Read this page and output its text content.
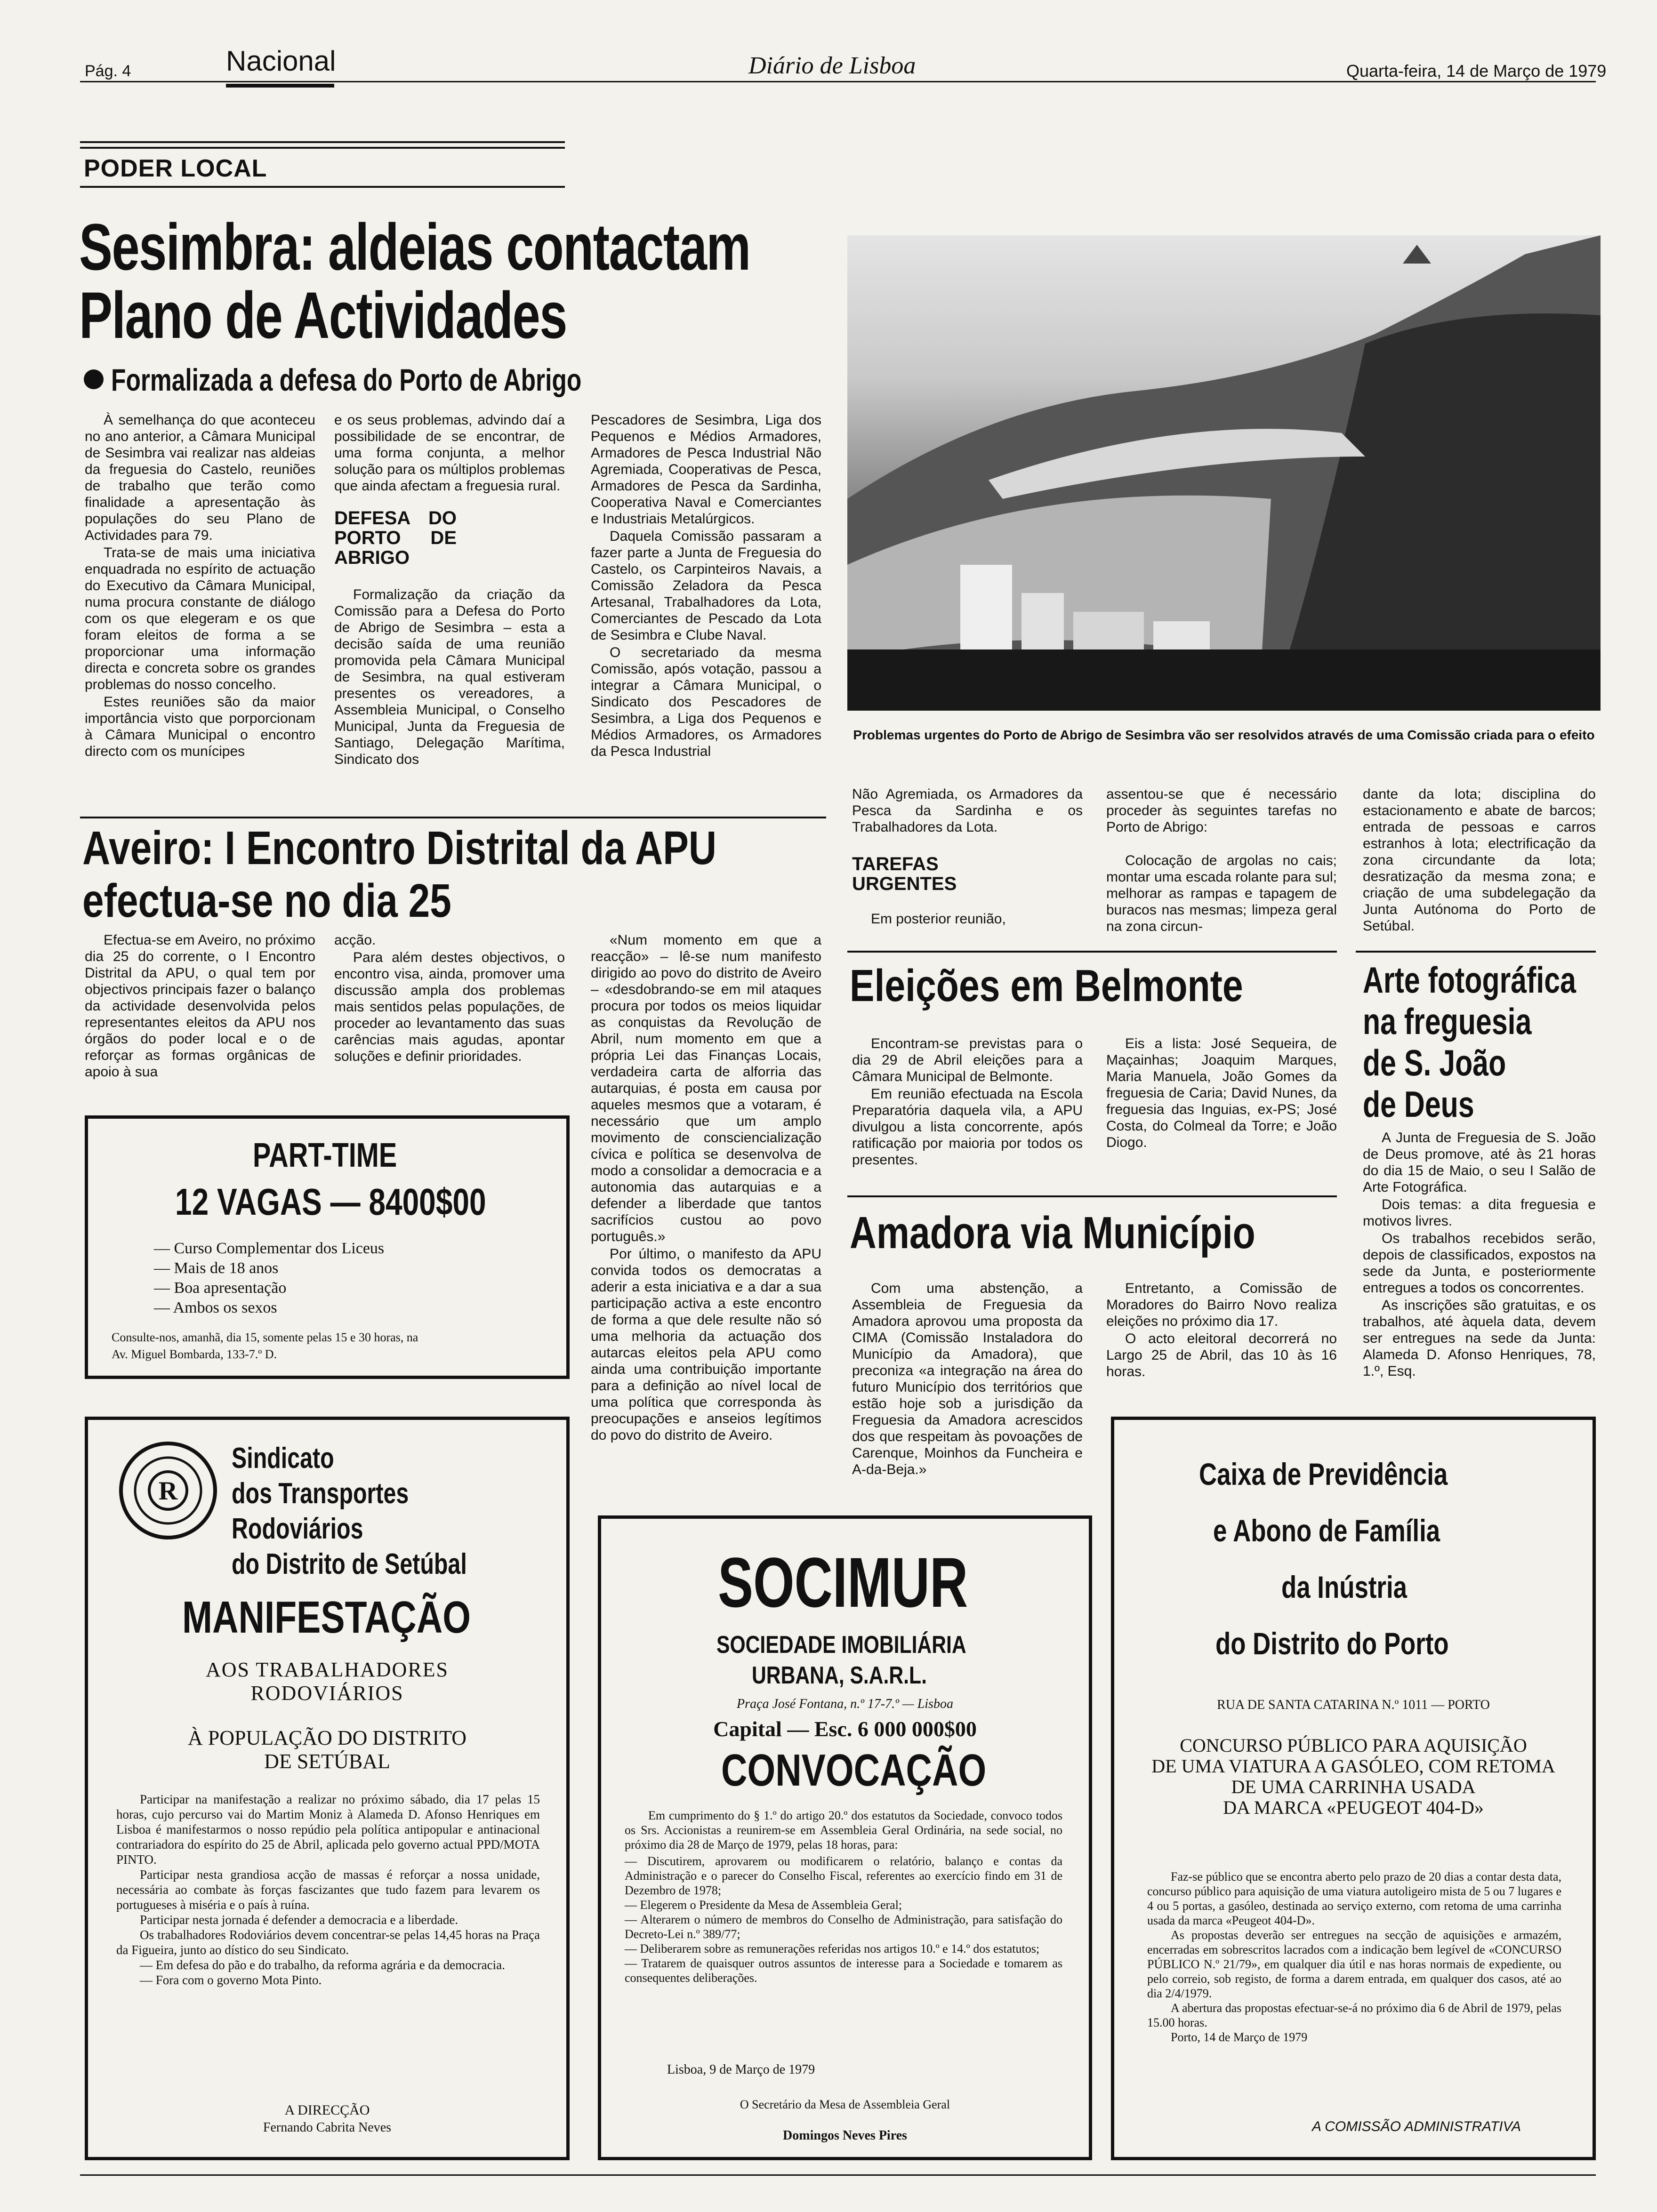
Pág. 4	Nacional	Diário de Lisboa	Quarta-feira, 14 de Março de 1979
PODER LOCAL
Sesimbra: aldeias contactam
Plano de Actividades
Formalizada a defesa do Porto de Abrigo

À semelhança do que aconteceu no ano anterior, a Câmara Municipal de Sesimbra vai realizar nas aldeias da freguesia do Castelo, reuniões de trabalho que terão como finalidade a apresentação às populações do seu Plano de Actividades para 79.

Trata-se de mais uma iniciativa enquadrada no espírito de actuação do Executivo da Câmara Municipal, numa procura constante de diálogo com os que elegeram e os que foram eleitos de forma a se proporcionar uma informação directa e concreta sobre os grandes problemas do nosso concelho.

Estes reuniões são da maior importância visto que porporcionam à Câmara Municipal o encontro directo com os munícipes

e os seus problemas, advindo daí a possibilidade de se encontrar, de uma forma conjunta, a melhor solução para os múltiplos problemas que ainda afectam a freguesia rural.

DEFESA DO PORTO DE ABRIGO

Formalização da criação da Comissão para a Defesa do Porto de Abrigo de Sesimbra – esta a decisão saída de uma reunião promovida pela Câmara Municipal de Sesimbra, na qual estiveram presentes os vereadores, a Assembleia Municipal, o Conselho Municipal, Junta da Freguesia de Santiago, Delegação Marítima, Sindicato dos

Pescadores de Sesimbra, Liga dos Pequenos e Médios Armadores, Armadores de Pesca Industrial Não Agremiada, Cooperativas de Pesca, Armadores de Pesca da Sardinha, Cooperativa Naval e Comerciantes e Industriais Metalúrgicos.

Daquela Comissão passaram a fazer parte a Junta de Freguesia do Castelo, os Carpinteiros Navais, a Comissão Zeladora da Pesca Artesanal, Trabalhadores da Lota, Comerciantes de Pescado da Lota de Sesimbra e Clube Naval.

O secretariado da mesma Comissão, após votação, passou a integrar a Câmara Municipal, o Sindicato dos Pescadores de Sesimbra, a Liga dos Pequenos e Médios Armadores, os Armadores da Pesca Industrial

Problemas urgentes do Porto de Abrigo de Sesimbra vão ser resolvidos através de uma Comissão criada para o efeito

Não Agremiada, os Armadores da Pesca da Sardinha e os Trabalhadores da Lota.

TAREFAS URGENTES

Em posterior reunião,

assentou-se que é necessário proceder às seguintes tarefas no Porto de Abrigo:

Colocação de argolas no cais; montar uma escada rolante para sul; melhorar as rampas e tapagem de buracos nas mesmas; limpeza geral na zona circun-

dante da lota; disciplina do estacionamento e abate de barcos; entrada de pessoas e carros estranhos à lota; electrificação da zona circundante da lota; desratização da mesma zona; e criação de uma subdelegação da Junta Autónoma do Porto de Setúbal.

Aveiro: I Encontro Distrital da APU
efectua-se no dia 25

Efectua-se em Aveiro, no próximo dia 25 do corrente, o I Encontro Distrital da APU, o qual tem por objectivos principais fazer o balanço da actividade desenvolvida pelos representantes eleitos da APU nos órgãos do poder local e o de reforçar as formas orgânicas de apoio à sua

acção.

Para além destes objectivos, o encontro visa, ainda, promover uma discussão ampla dos problemas mais sentidos pelas populações, de proceder ao levantamento das suas carências mais agudas, apontar soluções e definir prioridades.

«Num momento em que a reacção» – lê-se num manifesto dirigido ao povo do distrito de Aveiro – «desdobrando-se em mil ataques procura por todos os meios liquidar as conquistas da Revolução de Abril, num momento em que a própria Lei das Finanças Locais, verdadeira carta de alforria das autarquias, é posta em causa por aqueles mesmos que a votaram, é necessário que um amplo movimento de consciencialização cívica e política se desenvolva de modo a consolidar a democracia e a autonomia das autarquias e a defender a liberdade que tantos sacrifícios custou ao povo português.»

Por último, o manifesto da APU convida todos os democratas a aderir a esta iniciativa e a dar a sua participação activa a este encontro de forma a que dele resulte não só uma melhoria da actuação dos autarcas eleitos pela APU como ainda uma contribuição importante para a definição ao nível local de uma política que corresponda às preocupações e anseios legítimos do povo do distrito de Aveiro.

PART-TIME
12 VAGAS — 8400$00
— Curso Complementar dos Liceus
— Mais de 18 anos
— Boa apresentação
— Ambos os sexos
Consulte-nos, amanhã, dia 15, somente pelas 15 e 30 horas, na
Av. Miguel Bombarda, 133-7.º D.
Eleições em Belmonte

Encontram-se previstas para o dia 29 de Abril eleições para a Câmara Municipal de Belmonte.

Em reunião efectuada na Escola Preparatória daquela vila, a APU divulgou a lista concorrente, após ratificação por maioria por todos os presentes.

Eis a lista: José Sequeira, de Maçainhas; Joaquim Marques, Maria Manuela, João Gomes da freguesia de Caria; David Nunes, da freguesia das Inguias, ex-PS; José Costa, do Colmeal da Torre; e João Diogo.

Amadora via Município

Com uma abstenção, a Assembleia de Freguesia da Amadora aprovou uma proposta da CIMA (Comissão Instaladora do Município da Amadora), que preconiza «a integração na área do futuro Município dos territórios que estão hoje sob a jurisdição da Freguesia da Amadora acrescidos dos que respeitam às povoações de Carenque, Moinhos da Funcheira e A-da-Beja.»

Entretanto, a Comissão de Moradores do Bairro Novo realiza eleições no próximo dia 17.

O acto eleitoral decorrerá no Largo 25 de Abril, das 10 às 16 horas.

Arte fotográfica
na freguesia
de S. João
de Deus

A Junta de Freguesia de S. João de Deus promove, até às 21 horas do dia 15 de Maio, o seu I Salão de Arte Fotográfica.

Dois temas: a dita freguesia e motivos livres.

Os trabalhos recebidos serão, depois de classificados, expostos na sede da Junta, e posteriormente entregues a todos os concorrentes.

As inscrições são gratuitas, e os trabalhos, até àquela data, devem ser entregues na sede da Junta: Alameda D. Afonso Henriques, 78, 1.º, Esq.

R
Sindicato
dos Transportes
Rodoviários
do Distrito de Setúbal
MANIFESTAÇÃO
AOS TRABALHADORES
RODOVIÁRIOS
À POPULAÇÃO DO DISTRITO
DE SETÚBAL

Participar na manifestação a realizar no próximo sábado, dia 17 pelas 15 horas, cujo percurso vai do Martim Moniz à Alameda D. Afonso Henriques em Lisboa é manifestarmos o nosso repúdio pela política antipopular e antinacional contrariadora do espírito do 25 de Abril, aplicada pelo governo actual PPD/MOTA PINTO.

Participar nesta grandiosa acção de massas é reforçar a nossa unidade, necessária ao combate às forças fascizantes que tudo fazem para levarem os portugueses à miséria e o país à ruína.

Participar nesta jornada é defender a democracia e a liberdade.

Os trabalhadores Rodoviários devem concentrar-se pelas 14,45 horas na Praça da Figueira, junto ao dístico do seu Sindicato.

— Em defesa do pão e do trabalho, da reforma agrária e da democracia.

— Fora com o governo Mota Pinto.

A DIRECÇÃO
Fernando Cabrita Neves
SOCIMUR
SOCIEDADE IMOBILIÁRIA
URBANA, S.A.R.L.
Praça José Fontana, n.º 17-7.º — Lisboa
Capital — Esc. 6 000 000$00
CONVOCAÇÃO

Em cumprimento do § 1.º do artigo 20.º dos estatutos da Sociedade, convoco todos os Srs. Accionistas a reunirem-se em Assembleia Geral Ordinária, na sede social, no próximo dia 28 de Março de 1979, pelas 18 horas, para:

— Discutirem, aprovarem ou modificarem o relatório, balanço e contas da Administração e o parecer do Conselho Fiscal, referentes ao exercício findo em 31 de Dezembro de 1978;
— Elegerem o Presidente da Mesa de Assembleia Geral;
— Alterarem o número de membros do Conselho de Administração, para satisfação do Decreto-Lei n.º 389/77;
— Deliberarem sobre as remunerações referidas nos artigos 10.º e 14.º dos estatutos;
— Tratarem de quaisquer outros assuntos de interesse para a Sociedade e tomarem as consequentes deliberações.
Lisboa, 9 de Março de 1979
O Secretário da Mesa de Assembleia Geral
Domingos Neves Pires
Caixa de Previdência
e Abono de Família
da Inústria
do Distrito do Porto
RUA DE SANTA CATARINA N.º 1011 — PORTO
CONCURSO PÚBLICO PARA AQUISIÇÃO
DE UMA VIATURA A GASÓLEO, COM RETOMA
DE UMA CARRINHA USADA
DA MARCA «PEUGEOT 404-D»

Faz-se público que se encontra aberto pelo prazo de 20 dias a contar desta data, concurso público para aquisição de uma viatura autoligeiro mista de 5 ou 7 lugares e 4 ou 5 portas, a gasóleo, destinada ao serviço externo, com retoma de uma carrinha usada da marca «Peugeot 404-D».

As propostas deverão ser entregues na secção de aquisições e armazém, encerradas em sobrescritos lacrados com a indicação bem legível de «CONCURSO PÚBLICO N.º 21/79», em qualquer dia útil e nas horas normais de expediente, ou pelo correio, sob registo, de forma a darem entrada, em qualquer dos casos, até ao dia 2/4/1979.

A abertura das propostas efectuar-se-á no próximo dia 6 de Abril de 1979, pelas 15.00 horas.

Porto, 14 de Março de 1979

A COMISSÃO ADMINISTRATIVA
